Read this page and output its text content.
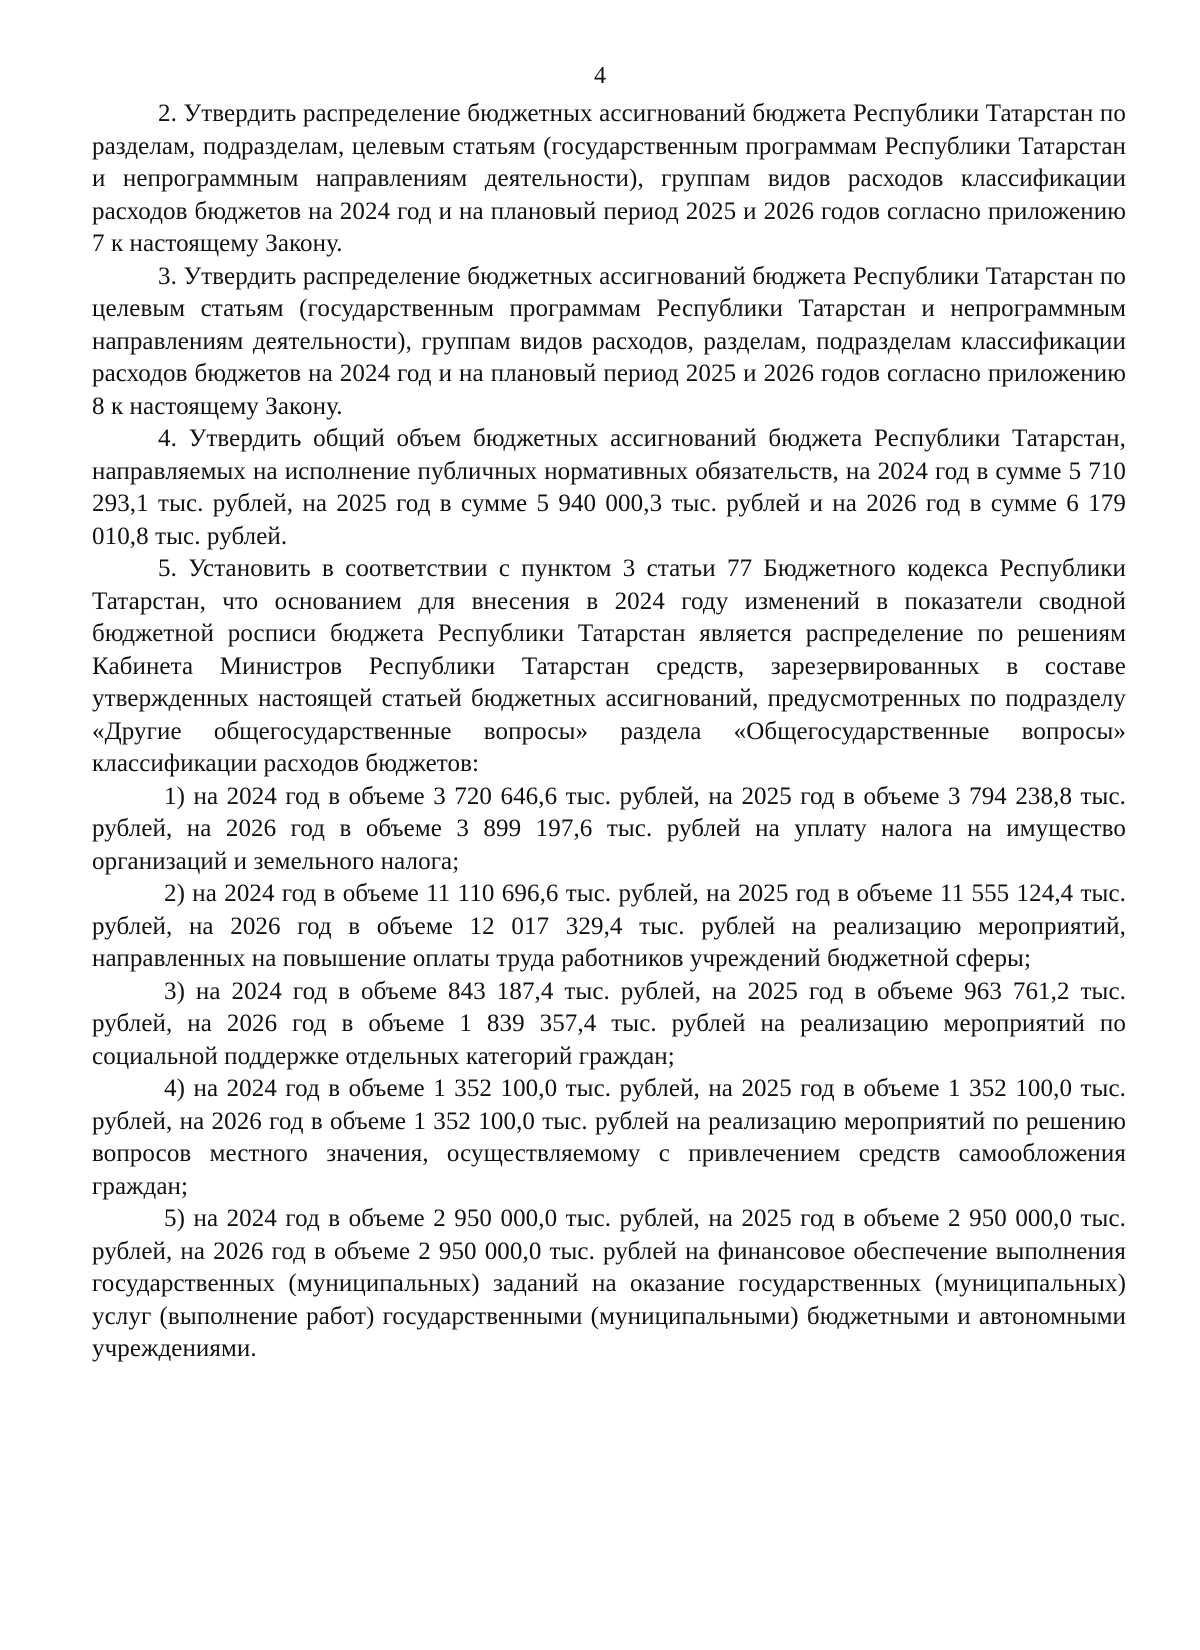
4

2. Утвердить распределение бюджетных ассигнований бюджета Республики Татарстан по разделам, подразделам, целевым статьям (государственным программам Республики Татарстан и непрограммным направлениям деятельности), группам видов расходов классификации расходов бюджетов на 2024 год и на плановый период 2025 и 2026 годов согласно приложению 7 к настоящему Закону.

3. Утвердить распределение бюджетных ассигнований бюджета Республики Татарстан по целевым статьям (государственным программам Республики Татарстан и непрограммным направлениям деятельности), группам видов расходов, разделам, подразделам классификации расходов бюджетов на 2024 год и на плановый период 2025 и 2026 годов согласно приложению 8 к настоящему Закону.

4. Утвердить общий объем бюджетных ассигнований бюджета Республики Татарстан, направляемых на исполнение публичных нормативных обязательств, на 2024 год в сумме 5 710 293,1 тыс. рублей, на 2025 год в сумме 5 940 000,3 тыс. рублей и на 2026 год в сумме 6 179 010,8 тыс. рублей.

5. Установить в соответствии с пунктом 3 статьи 77 Бюджетного кодекса Республики Татарстан, что основанием для внесения в 2024 году изменений в показатели сводной бюджетной росписи бюджета Республики Татарстан является распределение по решениям Кабинета Министров Республики Татарстан средств, зарезервированных в составе утвержденных настоящей статьей бюджетных ассигнований, предусмотренных по подразделу «Другие общегосударственные вопросы» раздела «Общегосударственные вопросы» классификации расходов бюджетов:

1) на 2024 год в объеме 3 720 646,6 тыс. рублей, на 2025 год в объеме 3 794 238,8 тыс. рублей, на 2026 год в объеме 3 899 197,6 тыс. рублей на уплату налога на имущество организаций и земельного налога;

2) на 2024 год в объеме 11 110 696,6 тыс. рублей, на 2025 год в объеме 11 555 124,4 тыс. рублей, на 2026 год в объеме 12 017 329,4 тыс. рублей на реализацию мероприятий, направленных на повышение оплаты труда работников учреждений бюджетной сферы;

3) на 2024 год в объеме 843 187,4 тыс. рублей, на 2025 год в объеме 963 761,2 тыс. рублей, на 2026 год в объеме 1 839 357,4 тыс. рублей на реализацию мероприятий по социальной поддержке отдельных категорий граждан;

4) на 2024 год в объеме 1 352 100,0 тыс. рублей, на 2025 год в объеме 1 352 100,0 тыс. рублей, на 2026 год в объеме 1 352 100,0 тыс. рублей на реализацию мероприятий по решению вопросов местного значения, осуществляемому с привлечением средств самообложения граждан;

5) на 2024 год в объеме 2 950 000,0 тыс. рублей, на 2025 год в объеме 2 950 000,0 тыс. рублей, на 2026 год в объеме 2 950 000,0 тыс. рублей на финансовое обеспечение выполнения государственных (муниципальных) заданий на оказание государственных (муниципальных) услуг (выполнение работ) государственными (муниципальными) бюджетными и автономными учреждениями.
